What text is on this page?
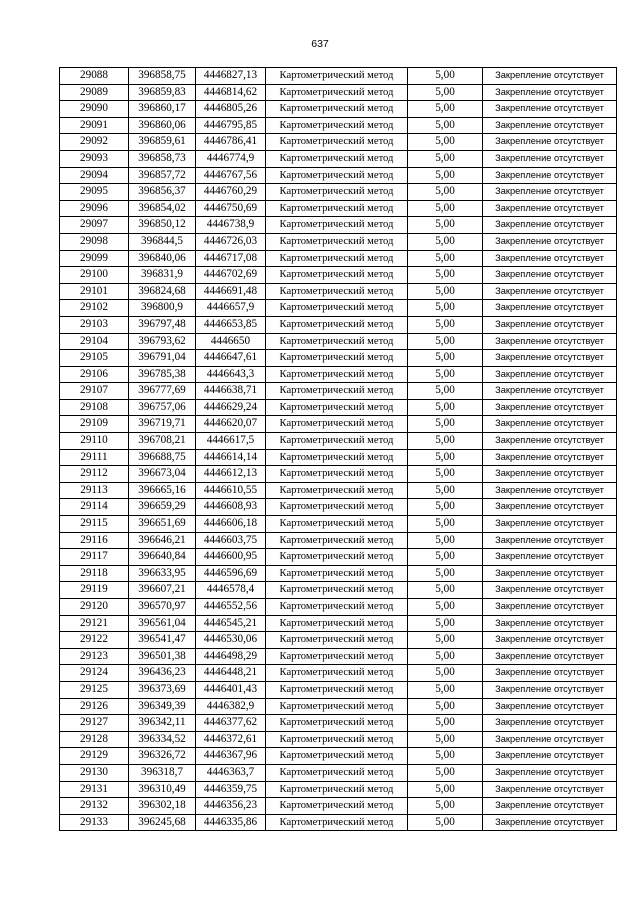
637
29088	396858,75	4446827,13	Картометрический метод	5,00	Закрепление отсутствует
29089	396859,83	4446814,62	Картометрический метод	5,00	Закрепление отсутствует
29090	396860,17	4446805,26	Картометрический метод	5,00	Закрепление отсутствует
29091	396860,06	4446795,85	Картометрический метод	5,00	Закрепление отсутствует
29092	396859,61	4446786,41	Картометрический метод	5,00	Закрепление отсутствует
29093	396858,73	4446774,9	Картометрический метод	5,00	Закрепление отсутствует
29094	396857,72	4446767,56	Картометрический метод	5,00	Закрепление отсутствует
29095	396856,37	4446760,29	Картометрический метод	5,00	Закрепление отсутствует
29096	396854,02	4446750,69	Картометрический метод	5,00	Закрепление отсутствует
29097	396850,12	4446738,9	Картометрический метод	5,00	Закрепление отсутствует
29098	396844,5	4446726,03	Картометрический метод	5,00	Закрепление отсутствует
29099	396840,06	4446717,08	Картометрический метод	5,00	Закрепление отсутствует
29100	396831,9	4446702,69	Картометрический метод	5,00	Закрепление отсутствует
29101	396824,68	4446691,48	Картометрический метод	5,00	Закрепление отсутствует
29102	396800,9	4446657,9	Картометрический метод	5,00	Закрепление отсутствует
29103	396797,48	4446653,85	Картометрический метод	5,00	Закрепление отсутствует
29104	396793,62	4446650	Картометрический метод	5,00	Закрепление отсутствует
29105	396791,04	4446647,61	Картометрический метод	5,00	Закрепление отсутствует
29106	396785,38	4446643,3	Картометрический метод	5,00	Закрепление отсутствует
29107	396777,69	4446638,71	Картометрический метод	5,00	Закрепление отсутствует
29108	396757,06	4446629,24	Картометрический метод	5,00	Закрепление отсутствует
29109	396719,71	4446620,07	Картометрический метод	5,00	Закрепление отсутствует
29110	396708,21	4446617,5	Картометрический метод	5,00	Закрепление отсутствует
29111	396688,75	4446614,14	Картометрический метод	5,00	Закрепление отсутствует
29112	396673,04	4446612,13	Картометрический метод	5,00	Закрепление отсутствует
29113	396665,16	4446610,55	Картометрический метод	5,00	Закрепление отсутствует
29114	396659,29	4446608,93	Картометрический метод	5,00	Закрепление отсутствует
29115	396651,69	4446606,18	Картометрический метод	5,00	Закрепление отсутствует
29116	396646,21	4446603,75	Картометрический метод	5,00	Закрепление отсутствует
29117	396640,84	4446600,95	Картометрический метод	5,00	Закрепление отсутствует
29118	396633,95	4446596,69	Картометрический метод	5,00	Закрепление отсутствует
29119	396607,21	4446578,4	Картометрический метод	5,00	Закрепление отсутствует
29120	396570,97	4446552,56	Картометрический метод	5,00	Закрепление отсутствует
29121	396561,04	4446545,21	Картометрический метод	5,00	Закрепление отсутствует
29122	396541,47	4446530,06	Картометрический метод	5,00	Закрепление отсутствует
29123	396501,38	4446498,29	Картометрический метод	5,00	Закрепление отсутствует
29124	396436,23	4446448,21	Картометрический метод	5,00	Закрепление отсутствует
29125	396373,69	4446401,43	Картометрический метод	5,00	Закрепление отсутствует
29126	396349,39	4446382,9	Картометрический метод	5,00	Закрепление отсутствует
29127	396342,11	4446377,62	Картометрический метод	5,00	Закрепление отсутствует
29128	396334,52	4446372,61	Картометрический метод	5,00	Закрепление отсутствует
29129	396326,72	4446367,96	Картометрический метод	5,00	Закрепление отсутствует
29130	396318,7	4446363,7	Картометрический метод	5,00	Закрепление отсутствует
29131	396310,49	4446359,75	Картометрический метод	5,00	Закрепление отсутствует
29132	396302,18	4446356,23	Картометрический метод	5,00	Закрепление отсутствует
29133	396245,68	4446335,86	Картометрический метод	5,00	Закрепление отсутствует
